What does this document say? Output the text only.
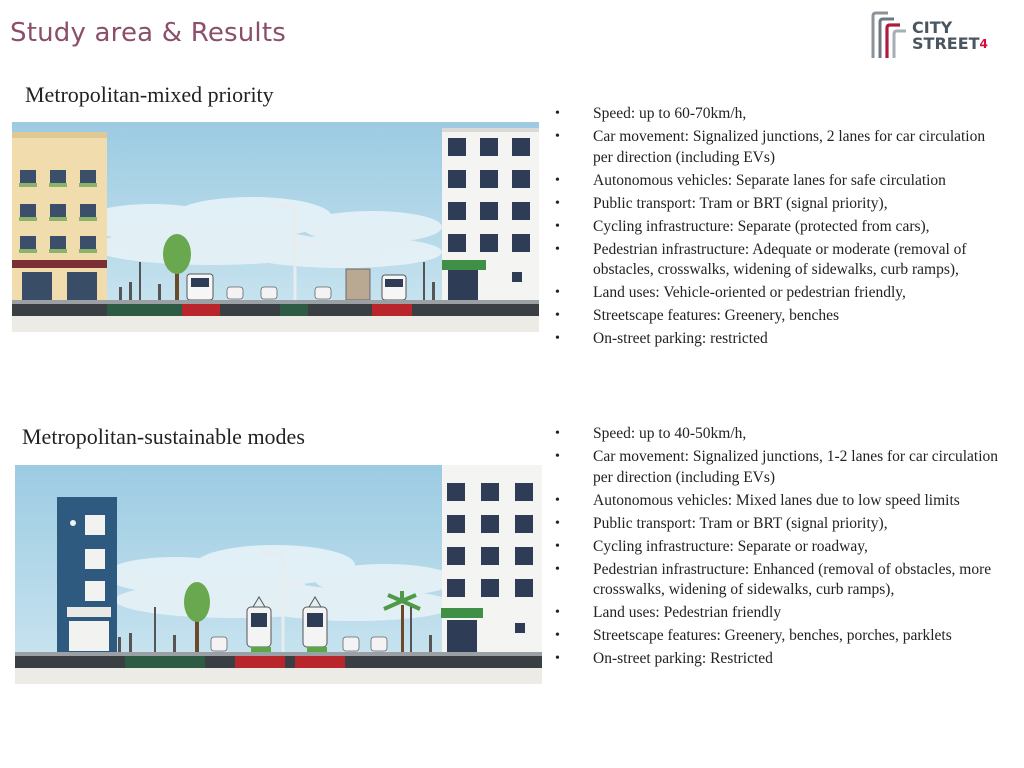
Study area & Results	CITY
STREET$^4$
Metropolitan-mixed priority
• Speed: up to 60-70km/h,
• Car movement: Signalized junctions, 2 lanes for car circulation per direction (including EVs)
• Autonomous vehicles: Separate lanes for safe circulation
• Public transport: Tram or BRT (signal priority),
• Cycling infrastructure: Separate (protected from cars),
• Pedestrian infrastructure: Adequate or moderate (removal of obstacles, crosswalks, widening of sidewalks, curb ramps),
• Land uses: Vehicle-oriented or pedestrian friendly,
• Streetscape features: Greenery, benches
• On-street parking: restricted
Metropolitan-sustainable modes
•	Speed: up to 40-50km/h,
• Car movement: Signalized junctions, 1-2 lanes for car circulation per direction (including EVs)
• Autonomous vehicles: Mixed lanes due to low speed limits
• Public transport: Tram or BRT (signal priority),
• Cycling infrastructure: Separate or roadway,
• Pedestrian infrastructure: Enhanced (removal of obstacles, more crosswalks, widening of sidewalks, curb ramps),
• Land uses: Pedestrian friendly
• Streetscape features: Greenery, benches, porches, parklets
• On-street parking: Restricted
